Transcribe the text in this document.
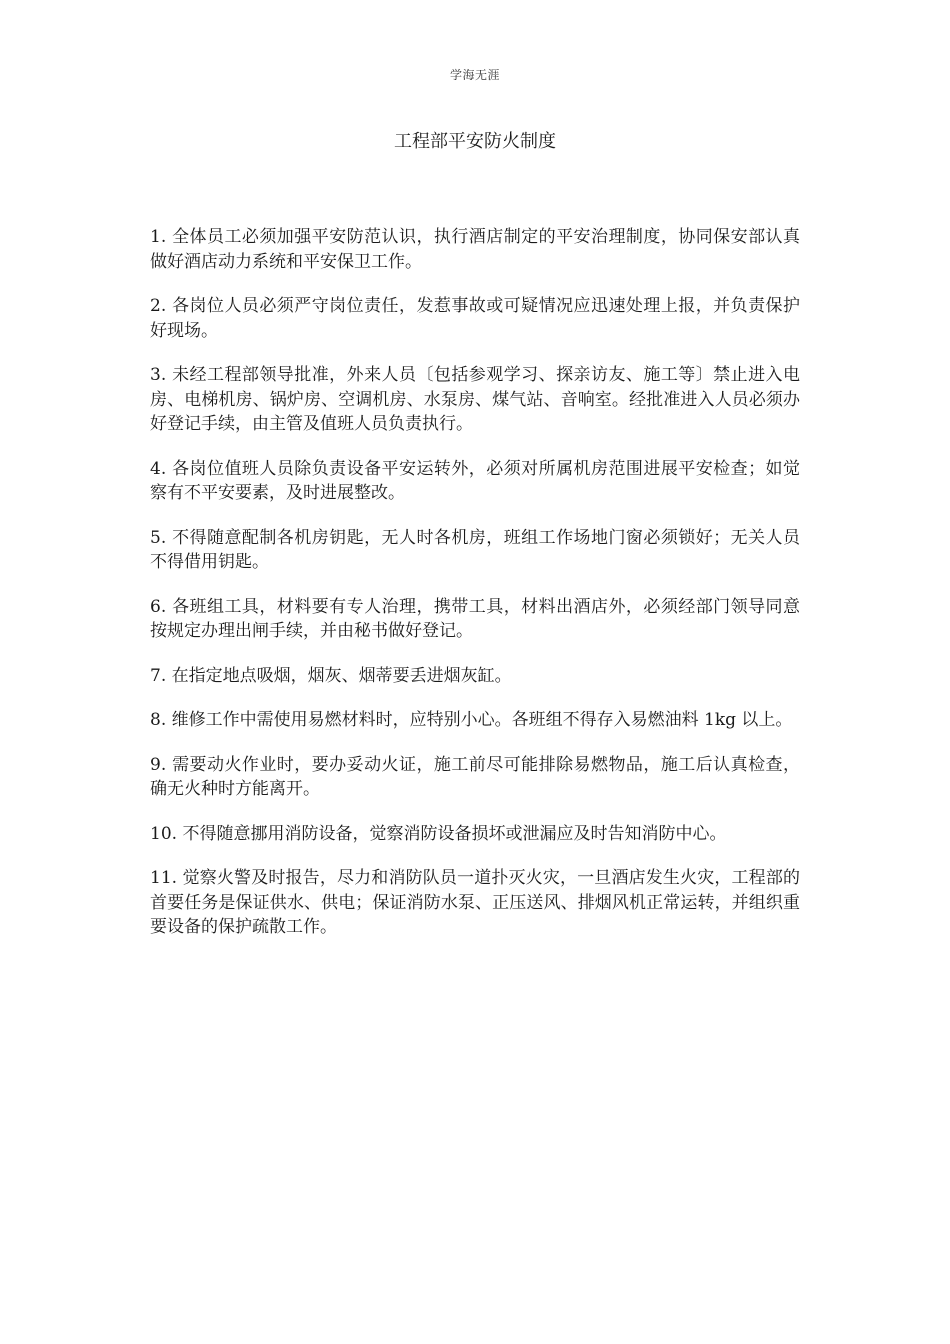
学海无涯
工程部平安防火制度

1. 全体员工必须加强平安防范认识，执行酒店制定的平安治理制度，协同保安部认真做好酒店动力系统和平安保卫工作。

2. 各岗位人员必须严守岗位责任，发惹事故或可疑情况应迅速处理上报，并负责保护好现场。

3. 未经工程部领导批准，外来人员〔包括参观学习、探亲访友、施工等〕禁止进入电房、电梯机房、锅炉房、空调机房、水泵房、煤气站、音响室。经批准进入人员必须办好登记手续，由主管及值班人员负责执行。

4. 各岗位值班人员除负责设备平安运转外，必须对所属机房范围进展平安检查；如觉察有不平安要素，及时进展整改。

5. 不得随意配制各机房钥匙，无人时各机房，班组工作场地门窗必须锁好；无关人员不得借用钥匙。

6. 各班组工具，材料要有专人治理，携带工具，材料出酒店外，必须经部门领导同意按规定办理出闸手续，并由秘书做好登记。

7. 在指定地点吸烟，烟灰、烟蒂要丢进烟灰缸。

8. 维修工作中需使用易燃材料时，应特别小心。各班组不得存入易燃油料 1kg 以上。

9. 需要动火作业时，要办妥动火证，施工前尽可能排除易燃物品，施工后认真检查，确无火种时方能离开。

10. 不得随意挪用消防设备，觉察消防设备损坏或泄漏应及时告知消防中心。

11. 觉察火警及时报告，尽力和消防队员一道扑灭火灾，一旦酒店发生火灾，工程部的首要任务是保证供水、供电；保证消防水泵、正压送风、排烟风机正常运转，并组织重要设备的保护疏散工作。
